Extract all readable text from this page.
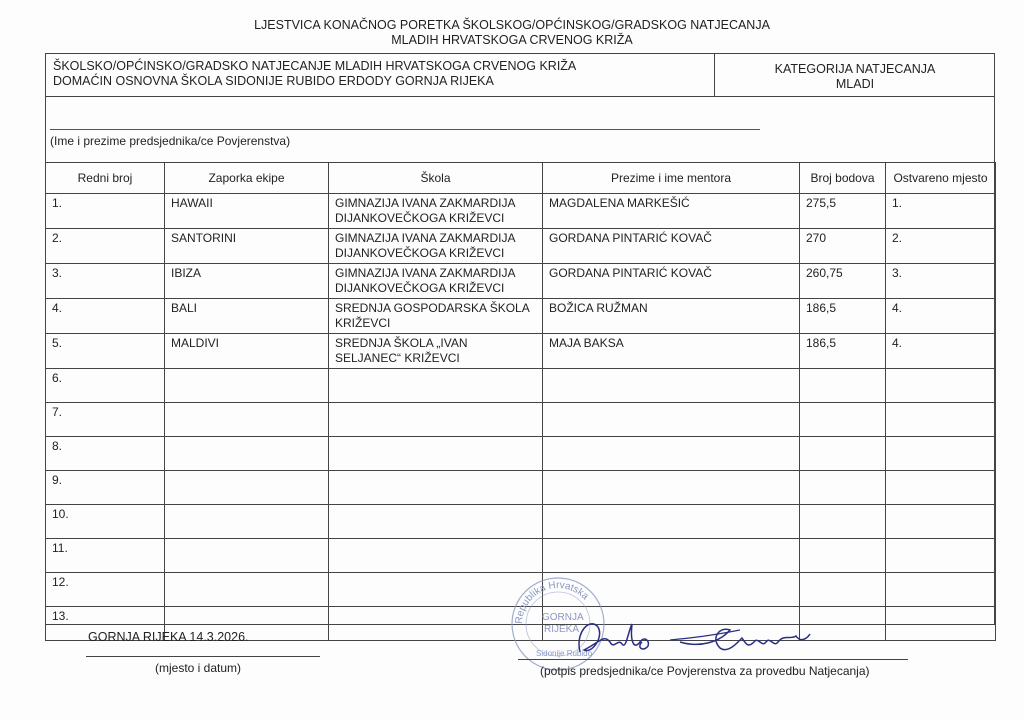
LJESTVICA KONAČNOG PORETKA ŠKOLSKOG/OPĆINSKOG/GRADSKOG NATJECANJA
MLADIH HRVATSKOGA CRVENOG KRIŽA
ŠKOLSKO/OPĆINSKO/GRADSKO NATJECANJE MLADIH HRVATSKOGA CRVENOG KRIŽA
DOMAĆIN OSNOVNA ŠKOLA SIDONIJE RUBIDO ERDODY GORNJA RIJEKA
KATEGORIJA NATJECANJA
MLADI
(Ime i prezime predsjednika/ce Povjerenstva)
Redni broj	Zaporka ekipe	Škola	Prezime i ime mentora	Broj bodova	Ostvareno mjesto
1.	HAWAII	GIMNAZIJA IVANA ZAKMARDIJA DIJANKOVEČKOGA KRIŽEVCI	MAGDALENA MARKEŠIĆ	275,5	1.
2.	SANTORINI	GIMNAZIJA IVANA ZAKMARDIJA DIJANKOVEČKOGA KRIŽEVCI	GORDANA PINTARIĆ KOVAČ	270	2.
3.	IBIZA	GIMNAZIJA IVANA ZAKMARDIJA DIJANKOVEČKOGA KRIŽEVCI	GORDANA PINTARIĆ KOVAČ	260,75	3.
4.	BALI	SREDNJA GOSPODARSKA ŠKOLA KRIŽEVCI	BOŽICA RUŽMAN	186,5	4.
5.	MALDIVI	SREDNJA ŠKOLA „IVAN SELJANEC“ KRIŽEVCI	MAJA BAKSA	186,5	4.
6.					
7.					
8.					
9.					
10.					
11.					
12.					
13.					
GORNJA RIJEKA 14.3.2026.
(mjesto i datum)
Republika Hrvatska
GORNJA
RIJEKA
Sidonije Rubido
(potpis predsjednika/ce Povjerenstva za provedbu Natjecanja)
